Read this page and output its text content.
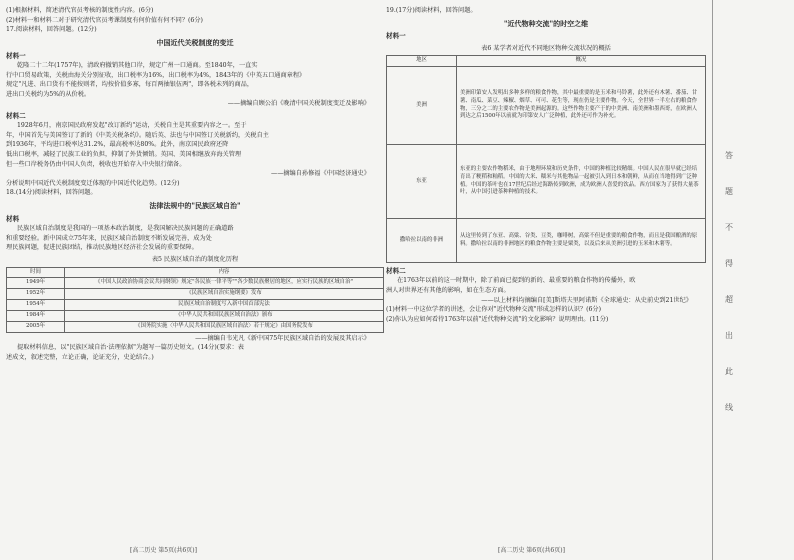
(1)根据材料，简述清代官员考核的制度性内容。(6分)
(2)材料一和材料二对于研究清代官员考课制度有何价值有何不同？(6分)
17.阅读材料，回答问题。(12分)
中国近代关税制度的变迁
材料一
乾隆二十二年(1757年)，清政府撤销其他口岸，规定广州一口通商。至1840年，一直实
行中口贸易政策，关税由海关分别征收，出口税率为16%，出口税率为4%，1843年的《中英五口通商章程》
规定"凡进、出口货有不能按则者，均按价值多寡，每百两抽银伍两"，即各税未列的商品，
进出口关税约为5%的从价税。
——摘编自顾公泊《晚清中国关税制度变迁及影响》
材料二
1928年6月，南京国民政府发起"改订新约"运动，关税自主是其重要内容之一。至于
年，中国首先与美国签订了新的《中美关税条约》。随后英、法也与中国签订关税新约，关税自主
到1936年，平均进口税率达31.2%，最高税率达80%。此外，南京国民政府还降
低出口税率，减轻了民族工业的负担，抑制了外货倾销。英国、美国相继放弃海关管理
但一些口岸税务仍由中国人负责，税收也开始存入中央银行储备。
——摘编自孙修福《中国经济通史》
分析说明中国近代关税制度变迁体现的中国近代化趋势。(12分)
18.(14分)阅读材料，回答问题。
法律法规中的"民族区域自治"
材料
民族区域自治制度是我国的一项基本政治制度，是我国解决民族问题的正确道路
和重要经验。新中国成立75年来，民族区域自治制度不断发展完善，成为处
理民族问题，促进民族团结，推动民族地区经济社会发展的重要保障。
表5 民族区域自治的制度化历程
时间	内容
1949年	《中国人民政治协商会议共同纲领》规定"各民族一律平等""各少数民族聚居的地区，应实行民族的区域自治"
1952年	《民族区域自治实施纲要》发布
1954年	民族区域自治制度写入新中国首部宪法
1984年	《中华人民共和国民族区域自治法》颁布
2005年	《国务院实施〈中华人民共和国民族区域自治法〉若干规定》由国务院发布
——摘编自韦光凡《新中国75年民族区域自治的发展及其启示》
提取材料信息，以"民族区域自治·法理依据"为题写一篇历史短文。(14分)(要求：表
述成文，叙述完整，立论正确，论证充分，史论结合。)
[高二历史 第5页(共6页)]
19.(17分)阅读材料，回答问题。
"近代物种交流"的时空之维
材料一
表6 某学者对近代不同地区物种交流状况的概括
地区	概况
美洲	美洲印第安人发明出多种多样的粮食作物，其中最重要的是玉米和马铃薯，此外还有木薯、番茄、甘薯、南瓜、菜豆、辣椒、烟草、可可、花生等，现在仍是主要作物。今天，全世界一半左右的粮食作物，三分之二的主要农作物是美洲起源的。这些作物主要产于的中美洲、南美洲和墨西哥，在欧洲人到达之后1500年以前就为印第安人广泛种植，此外还可作为补充。
东亚	东亚的主要农作物稻米，由于地理环境和历史条件，中国的种植比较精细。中国人民在很早就已经培育出了粳稻和籼稻。中国的大米、糯米与其他物品一起被引入到日本和朝鲜，从而在当地得到广泛种植。中国的茶叶也在17世纪后经过海路传到欧洲，成为欧洲人喜爱的饮品。西方国家为了获得大量茶叶，从中国引进茶种种植的技术。
撒哈拉以南的非洲	从这里传到了东亚、高粱、谷类、豆类，咖啡树，高粱不但是重要的粮食作物，而且是我国酿酒的原料。撒哈拉以南的非洲地区的粮食作物主要是粟类，以及后来从美洲引进的玉米和木薯等。
材料二
在1763年以前的这一时期中，除了前面已提到的新的、最重要的粮食作物的传播外，欧
洲人对世界还有其他的影响，如在生态方面。
——以上材料均摘编自[美]斯塔夫里阿诺斯《全球通史：从史前史到21世纪》
(1)材料一中这位学者的讲述，会让你对"近代物种交流"形成怎样的认识？(6分)
(2)你认为应如何看待1763年以前"近代物种交流"的文化影响？说明理由。(11分)
[高二历史 第6页(共6页)]
答
题
不
得
超
出
此
线
